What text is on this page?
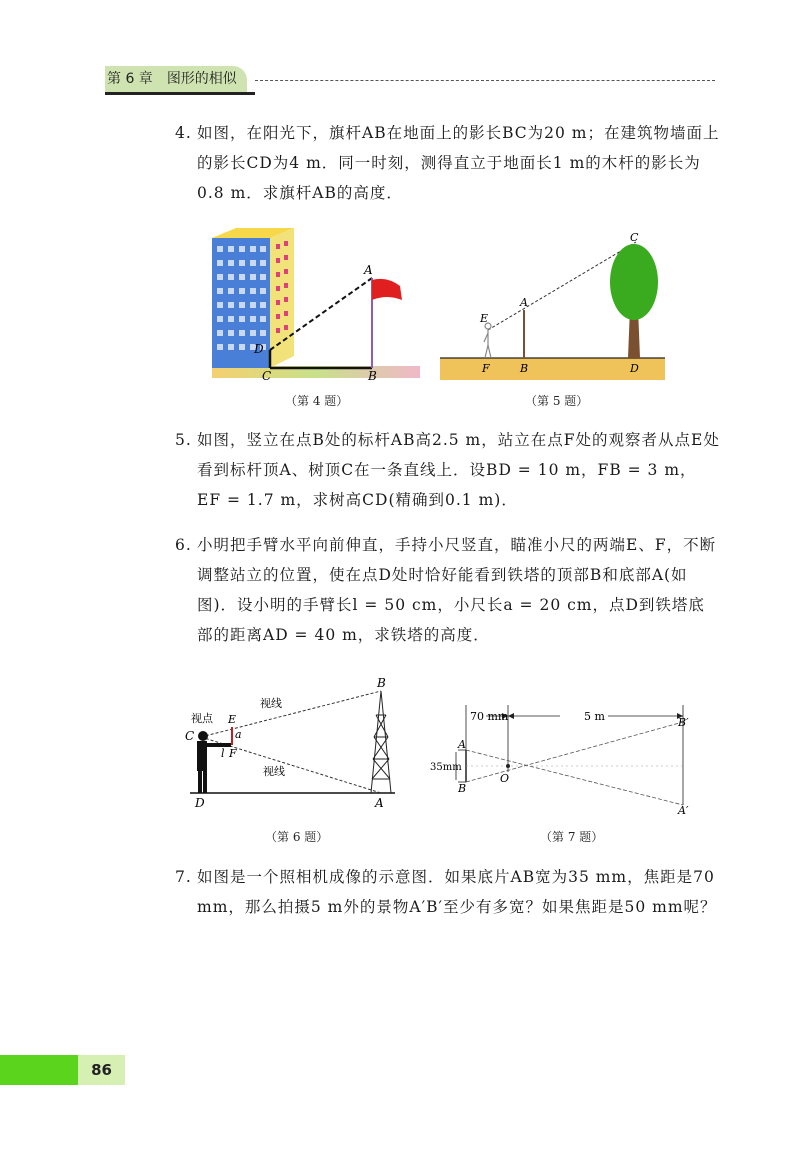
第 6 章 图形的相似
4. 如图，在阳光下，旗杆AB在地面上的影长BC为20 m；在建筑物墙面上的影长CD为4 m．同一时刻，测得直立于地面长1 m的木杆的影长为0.8 m．求旗杆AB的高度．
A
B
C
D
（第 4 题）
E
A
C
F	B	D
（第 5 题）
5. 如图，竖立在点B处的标杆AB高2.5 m，站立在点F处的观察者从点E处看到标杆顶A、树顶C在一条直线上．设BD = 10 m，FB = 3 m，EF = 1.7 m，求树高CD(精确到0.1 m)．
6. 小明把手臂水平向前伸直，手持小尺竖直，瞄准小尺的两端E、F，不断调整站立的位置，使在点D处时恰好能看到铁塔的顶部B和底部A(如图)．设小明的手臂长l = 50 cm，小尺长a = 20 cm，点D到铁塔底部的距离AD = 40 m，求铁塔的高度．
视点
视线
视线
C
E
a
l F
D
B
A
（第 6 题）
70 mm	5 m
35mm
A
B
O
B′
A′
（第 7 题）
7. 如图是一个照相机成像的示意图．如果底片AB宽为35 mm，焦距是70 mm，那么拍摄5 m外的景物A′B′至少有多宽？如果焦距是50 mm呢？
86
